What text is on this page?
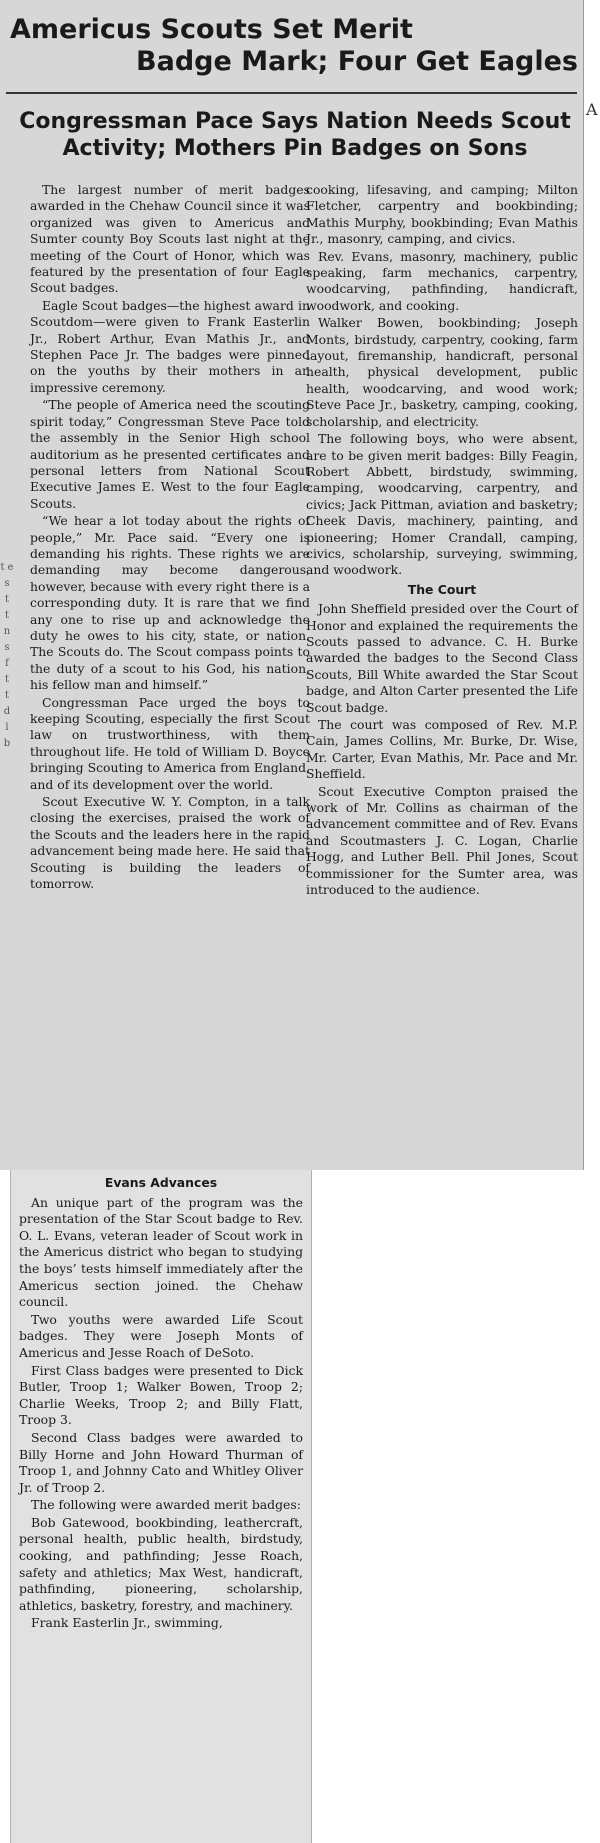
Americus Scouts Set Merit
Badge Mark; Four Get Eagles
Congressman Pace Says Nation Needs Scout
Activity; Mothers Pin Badges on Sons
t e s
t
t
n s
f
t
t
d
l
b

The largest number of merit badges awarded in the Chehaw Council since it was organized was given to Americus and Sumter county Boy Scouts last night at the meeting of the Court of Honor, which was featured by the presentation of four Eagle Scout badges.

Eagle Scout badges—the highest award in Scoutdom—were given to Frank Easterlin Jr., Robert Arthur, Evan Mathis Jr., and Stephen Pace Jr. The badges were pinned on the youths by their mothers in an impressive ceremony.

“The people of America need the scouting spirit today,” Congressman Steve Pace told the assembly in the Senior High school auditorium as he presented certificates and personal letters from National Scout Executive James E. West to the four Eagle Scouts.

“We hear a lot today about the rights of people,” Mr. Pace said. “Every one is demanding his rights. These rights we are demanding may become dangerous, however, because with every right there is a corresponding duty. It is rare that we find any one to rise up and acknowledge the duty he owes to his city, state, or nation. The Scouts do. The Scout compass points to the duty of a scout to his God, his nation, his fellow man and himself.”

Congressman Pace urged the boys to keeping Scouting, especially the first Scout law on trustworthiness, with them throughout life. He told of William D. Boyce bringing Scouting to America from England, and of its development over the world.

Scout Executive W. Y. Compton, in a talk closing the exercises, praised the work of the Scouts and the leaders here in the rapid advancement being made here. He said that Scouting is building the leaders of tomorrow.

cooking, lifesaving, and camping; Milton Fletcher, carpentry and bookbinding; Mathis Murphy, bookbinding; Evan Mathis Jr., masonry, camping, and civics.

Rev. Evans, masonry, machinery, public speaking, farm mechanics, carpentry, woodcarving, pathfinding, handicraft, woodwork, and cooking.

Walker Bowen, bookbinding; Joseph Monts, birdstudy, carpentry, cooking, farm layout, firemanship, handicraft, personal health, physical development, public health, woodcarving, and wood work; Steve Pace Jr., basketry, camping, cooking, scholarship, and electricity.

The following boys, who were absent, are to be given merit badges: Billy Feagin, Robert Abbett, birdstudy, swimming, camping, woodcarving, carpentry, and civics; Jack Pittman, aviation and basketry; Cheek Davis, machinery, painting, and pioneering; Homer Crandall, camping, civics, scholarship, surveying, swimming, and woodwork.

The Court

John Sheffield presided over the Court of Honor and explained the requirements the Scouts passed to advance. C. H. Burke awarded the badges to the Second Class Scouts, Bill White awarded the Star Scout badge, and Alton Carter presented the Life Scout badge.

The court was composed of Rev. M.P. Cain, James Collins, Mr. Burke, Dr. Wise, Mr. Carter, Evan Mathis, Mr. Pace and Mr. Sheffield.

Scout Executive Compton praised the work of Mr. Collins as chairman of the advancement committee and of Rev. Evans and Scoutmasters J. C. Logan, Charlie Hogg, and Luther Bell. Phil Jones, Scout commissioner for the Sumter area, was introduced to the audience.

A
Evans Advances

An unique part of the program was the presentation of the Star Scout badge to Rev. O. L. Evans, veteran leader of Scout work in the Americus district who began to studying the boys’ tests himself immediately after the Americus section joined. the Chehaw council.

Two youths were awarded Life Scout badges. They were Joseph Monts of Americus and Jesse Roach of DeSoto.

First Class badges were presented to Dick Butler, Troop 1; Walker Bowen, Troop 2; Charlie Weeks, Troop 2; and Billy Flatt, Troop 3.

Second Class badges were awarded to Billy Horne and John Howard Thurman of Troop 1, and Johnny Cato and Whitley Oliver Jr. of Troop 2.

The following were awarded merit badges:

Bob Gatewood, bookbinding, leathercraft, personal health, public health, birdstudy, cooking, and pathfinding; Jesse Roach, safety and athletics; Max West, handicraft, pathfinding, pioneering, scholarship, athletics, basketry, forestry, and machinery.

Frank Easterlin Jr., swimming,
